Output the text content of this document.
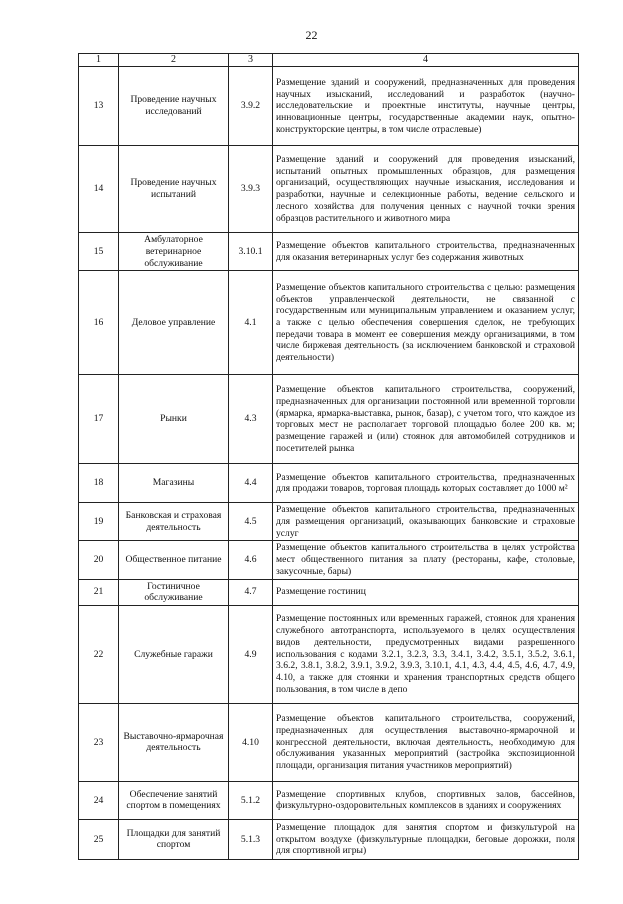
22
1	2	3	4
13	Проведение научных исследований	3.9.2	Размещение зданий и сооружений, предназначенных для проведения научных изысканий, исследований и разработок (научно-исследовательские и проектные институты, научные центры, инновационные центры, государственные академии наук, опытно-конструкторские центры, в том числе отраслевые)
14	Проведение научных испытаний	3.9.3	Размещение зданий и сооружений для проведения изысканий, испытаний опытных промышленных образцов, для размещения организаций, осуществляющих научные изыскания, исследования и разработки, научные и селекционные работы, ведение сельского и лесного хозяйства для получения ценных с научной точки зрения образцов растительного и животного мира
15	Амбулаторное ветеринарное обслуживание	3.10.1	Размещение объектов капитального строительства, предназначенных для оказания ветеринарных услуг без содержания животных
16	Деловое управление	4.1	Размещение объектов капитального строительства с целью: размещения объектов управленческой деятельности, не связанной с государственным или муниципальным управлением и оказанием услуг, а также с целью обеспечения совершения сделок, не требующих передачи товара в момент ее совершения между организациями, в том числе биржевая деятельность (за исключением банковской и страховой деятельности)
17	Рынки	4.3	Размещение объектов капитального строительства, сооружений, предназначенных для организации постоянной или временной торговли (ярмарка, ярмарка-выставка, рынок, базар), с учетом того, что каждое из торговых мест не располагает торговой площадью более 200 кв. м; размещение гаражей и (или) стоянок для автомобилей сотрудников и посетителей рынка
18	Магазины	4.4	Размещение объектов капитального строительства, предназначенных для продажи товаров, торговая площадь которых составляет до 1000 м²
19	Банковская и страховая деятельность	4.5	Размещение объектов капитального строительства, предназначенных для размещения организаций, оказывающих банковские и страховые услуг
20	Общественное питание	4.6	Размещение объектов капитального строительства в целях устройства мест общественного питания за плату (рестораны, кафе, столовые, закусочные, бары)
21	Гостиничное обслуживание	4.7	Размещение гостиниц
22	Служебные гаражи	4.9	Размещение постоянных или временных гаражей, стоянок для хранения служебного автотранспорта, используемого в целях осуществления видов деятельности, предусмотренных видами разрешенного использования с кодами 3.2.1, 3.2.3, 3.3, 3.4.1, 3.4.2, 3.5.1, 3.5.2, 3.6.1, 3.6.2, 3.8.1, 3.8.2, 3.9.1, 3.9.2, 3.9.3, 3.10.1, 4.1, 4.3, 4.4, 4.5, 4.6, 4.7, 4.9, 4.10, а также для стоянки и хранения транспортных средств общего пользования, в том числе в депо
23	Выставочно-ярмарочная деятельность	4.10	Размещение объектов капитального строительства, сооружений, предназначенных для осуществления выставочно-ярмарочной и конгрессной деятельности, включая деятельность, необходимую для обслуживания указанных мероприятий (застройка экспозиционной площади, организация питания участников мероприятий)
24	Обеспечение занятий спортом в помещениях	5.1.2	Размещение спортивных клубов, спортивных залов, бассейнов, физкультурно-оздоровительных комплексов в зданиях и сооружениях
25	Площадки для занятий спортом	5.1.3	Размещение площадок для занятия спортом и физкультурой на открытом воздухе (физкультурные площадки, беговые дорожки, поля для спортивной игры)
